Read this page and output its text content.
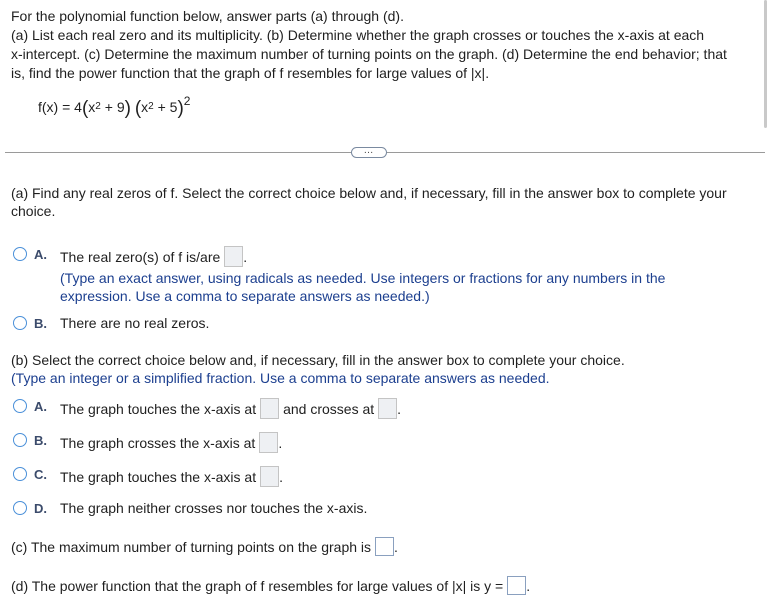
For the polynomial function below, answer parts (a) through (d).
(a) List each real zero and its multiplicity. (b) Determine whether the graph crosses or touches the x-axis at each
x-intercept. (c) Determine the maximum number of turning points on the graph. (d) Determine the end behavior; that
is, find the power function that the graph of f resembles for large values of |x|.
$f(x) = 4(x^2 + 9) (x^2 + 5)^2$
…
(a) Find any real zeros of f. Select the correct choice below and, if necessary, fill in the answer box to complete your
choice.
A. The real zero(s) of f is/are .
(Type an exact answer, using radicals as needed. Use integers or fractions for any numbers in the
expression. Use a comma to separate answers as needed.)
B. There are no real zeros.
(b) Select the correct choice below and, if necessary, fill in the answer box to complete your choice.
(Type an integer or a simplified fraction. Use a comma to separate answers as needed.
A. The graph touches the x-axis at and crosses at .
B. The graph crosses the x-axis at .
C. The graph touches the x-axis at .
D. The graph neither crosses nor touches the x-axis.
(c) The maximum number of turning points on the graph is .
(d) The power function that the graph of f resembles for large values of |x| is y = .
